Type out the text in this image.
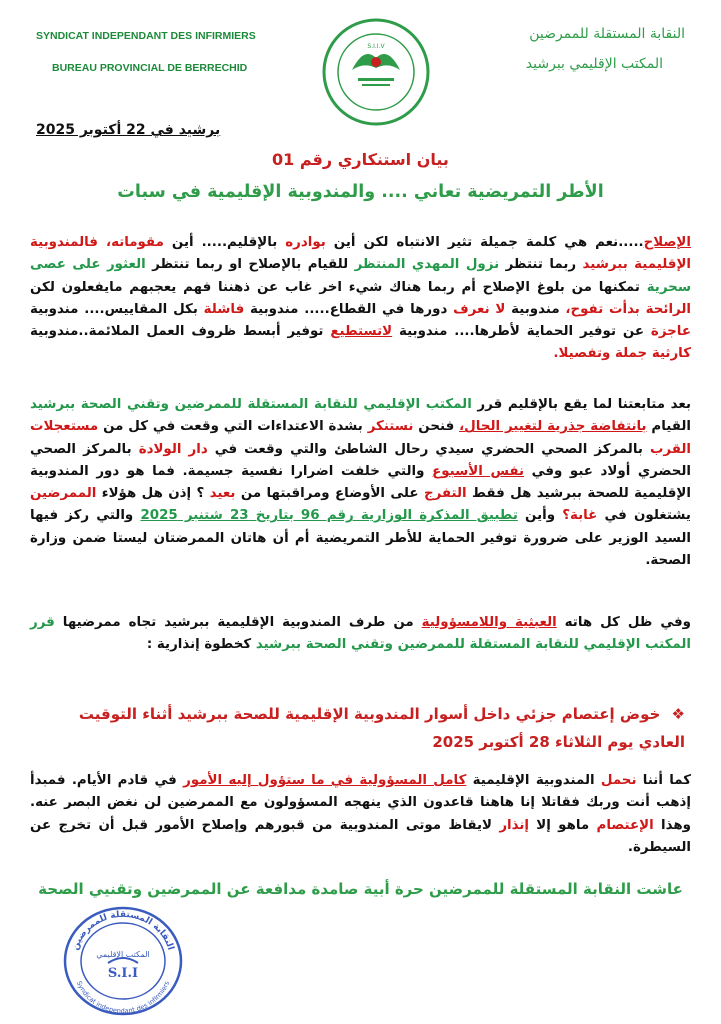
SYNDICAT INDEPENDANT DES INFIRMIERS
BUREAU PROVINCIAL DE BERRECHID
النقابة المستقلة للممرضين
المكتب الإقليمي ببرشيد
S.I.I.V
برشيد في 22 أكتوبر 2025
بيان استنكاري رقم 01
الأطر التمريضية تعاني .... والمندوبية الإقليمية في سبات
الإصلاح.....نعم هي كلمة جميلة تثير الانتباه لكن أين بوادره بالإقليم..... أين مقوماته، فالمندوبية الإقليمية ببرشيد ربما تنتظر نزول المهدي المنتظر للقيام بالإصلاح او ربما تنتظر العثور على عصى سحرية تمكنها من بلوغ الإصلاح أم ربما هناك شيء اخر غاب عن ذهننا فهم يعجبهم مايفعلون لكن الرائحة بدأت تفوح، مندوبية لا نعرف دورها في القطاع..... مندوبية فاشلة بكل المقاييس.... مندوبية عاجزة عن توفير الحماية لأطرها.... مندوبية لاتستطيع توفير أبسط ظروف العمل الملائمة..مندوبية كارثية جملة وتفصيلا.
بعد متابعتنا لما يقع بالإقليم قرر المكتب الإقليمي للنقابة المستقلة للممرضين وتقني الصحة ببرشيد القيام بانتفاضة جذرية لتغيير الحال، فنحن نستنكر بشدة الاعتداءات التي وقعت في كل من مستعجلات القرب بالمركز الصحي الحضري سيدي رحال الشاطئ والتي وقعت في دار الولادة بالمركز الصحي الحضري أولاد عبو وفي نفس الأسبوع والتي خلفت اضرارا نفسية جسيمة. فما هو دور المندوبية الإقليمية للصحة ببرشيد هل فقط التفرج على الأوضاع ومراقبتها من بعيد ؟ إذن هل هؤلاء الممرضين يشتغلون في غابة؟ وأين تطبيق المذكرة الوزارية رقم 96 بتاريخ 23 شتنبر 2025 والتي ركز فيها السيد الوزير على ضرورة توفير الحماية للأطر التمريضية أم أن هاتان الممرضتان ليستا ضمن وزارة الصحة.
وفي ظل كل هاته العبثية واللامسؤولية من طرف المندوبية الإقليمية ببرشيد تجاه ممرضيها قرر المكتب الإقليمي للنقابة المستقلة للممرضين وتقني الصحة ببرشيد كخطوة إنذارية :
❖ خوض إعتصام جزئي داخل أسوار المندوبية الإقليمية للصحة ببرشيد أثناء التوقيت العادي يوم الثلاثاء 28 أكتوبر 2025
كما أننا نحمل المندوبية الإقليمية كامل المسؤولية في ما ستؤول إليه الأمور في قادم الأيام. فمبدأ إذهب أنت وربك فقاتلا إنا هاهنا قاعدون الذي ينهجه المسؤولون مع الممرضين لن نغض البصر عنه. وهذا الإعتصام ماهو إلا إنذار لايقاظ موتى المندوبية من قبورهم وإصلاح الأمور قبل أن تخرج عن السيطرة.
عاشت النقابة المستقلة للممرضين حرة أبية صامدة مدافعة عن الممرضين وتقنيي الصحة
النقابة المستقلة للممرضين
المكتب الإقليمي
S.I.I
Syndicat independant des infirmiers
